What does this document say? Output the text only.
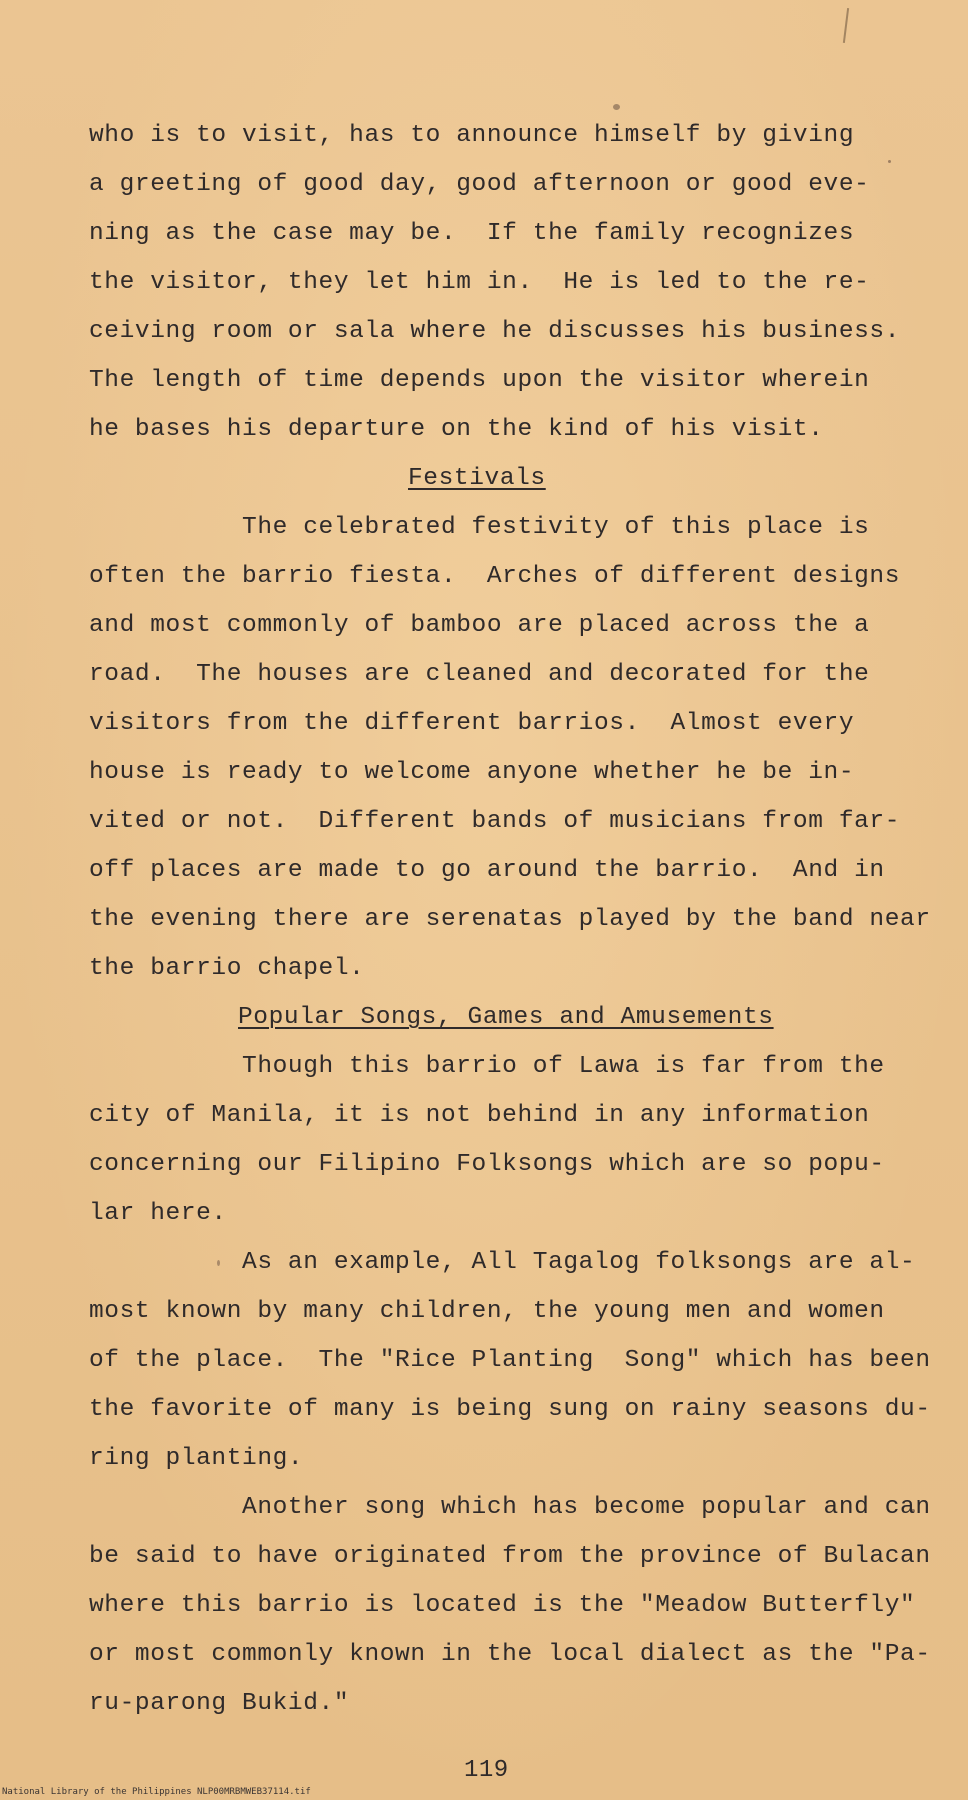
who is to visit, has to announce himself by giving
a greeting of good day, good afternoon or good eve-
ning as the case may be.  If the family recognizes
the visitor, they let him in.  He is led to the re-
ceiving room or sala where he discusses his business.
The length of time depends upon the visitor wherein
he bases his departure on the kind of his visit.
Festivals
The celebrated festivity of this place is
often the barrio fiesta.  Arches of different designs
and most commonly of bamboo are placed across the a
road.  The houses are cleaned and decorated for the
visitors from the different barrios.  Almost every
house is ready to welcome anyone whether he be in-
vited or not.  Different bands of musicians from far-
off places are made to go around the barrio.  And in
the evening there are serenatas played by the band near
the barrio chapel.
Popular Songs, Games and Amusements
Though this barrio of Lawa is far from the
city of Manila, it is not behind in any information
concerning our Filipino Folksongs which are so popu-
lar here.
As an example, All Tagalog folksongs are al-
most known by many children, the young men and women
of the place.  The "Rice Planting  Song" which has been
the favorite of many is being sung on rainy seasons du-
ring planting.
Another song which has become popular and can
be said to have originated from the province of Bulacan
where this barrio is located is the "Meadow Butterfly"
or most commonly known in the local dialect as the "Pa-
ru-parong Bukid."
119
National Library of the Philippines NLP00MRBMWEB37114.tif
